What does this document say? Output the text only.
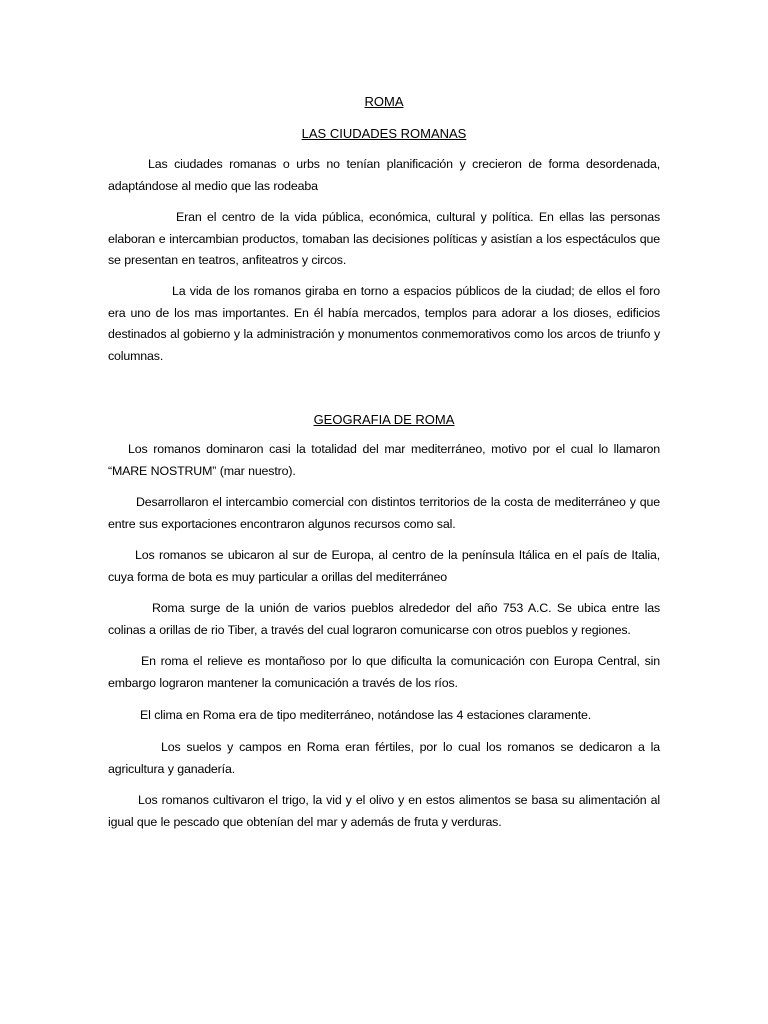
ROMA
LAS CIUDADES ROMANAS

Las ciudades romanas o urbs no tenían planificación y crecieron de forma desordenada, adaptándose al medio que las rodeaba

Eran el centro de la vida pública, económica, cultural y política. En ellas las personas elaboran e intercambian productos, tomaban las decisiones políticas y asistían a los espectáculos que se presentan en teatros, anfiteatros y circos.

La vida de los romanos giraba en torno a espacios públicos de la ciudad; de ellos el foro era uno de los mas importantes. En él había mercados, templos para adorar a los dioses, edificios destinados al gobierno y la administración y monumentos conmemorativos como los arcos de triunfo y columnas.

GEOGRAFIA DE ROMA

Los romanos dominaron casi la totalidad del mar mediterráneo, motivo por el cual lo llamaron “MARE NOSTRUM” (mar nuestro).

Desarrollaron el intercambio comercial con distintos territorios de la costa de mediterráneo y que entre sus exportaciones encontraron algunos recursos como sal.

Los romanos se ubicaron al sur de Europa, al centro de la península Itálica en el país de Italia, cuya forma de bota es muy particular a orillas del mediterráneo

Roma surge de la unión de varios pueblos alrededor del año 753 A.C. Se ubica entre las colinas a orillas de rio Tiber, a través del cual lograron comunicarse con otros pueblos y regiones.

En roma el relieve es montañoso por lo que dificulta la comunicación con Europa Central, sin embargo lograron mantener la comunicación a través de los ríos.

El clima en Roma era de tipo mediterráneo, notándose las 4 estaciones claramente.

Los suelos y campos en Roma eran fértiles, por lo cual los romanos se dedicaron a la agricultura y ganadería.

Los romanos cultivaron el trigo, la vid y el olivo y en estos alimentos se basa su alimentación al igual que le pescado que obtenían del mar y además de fruta y verduras.
